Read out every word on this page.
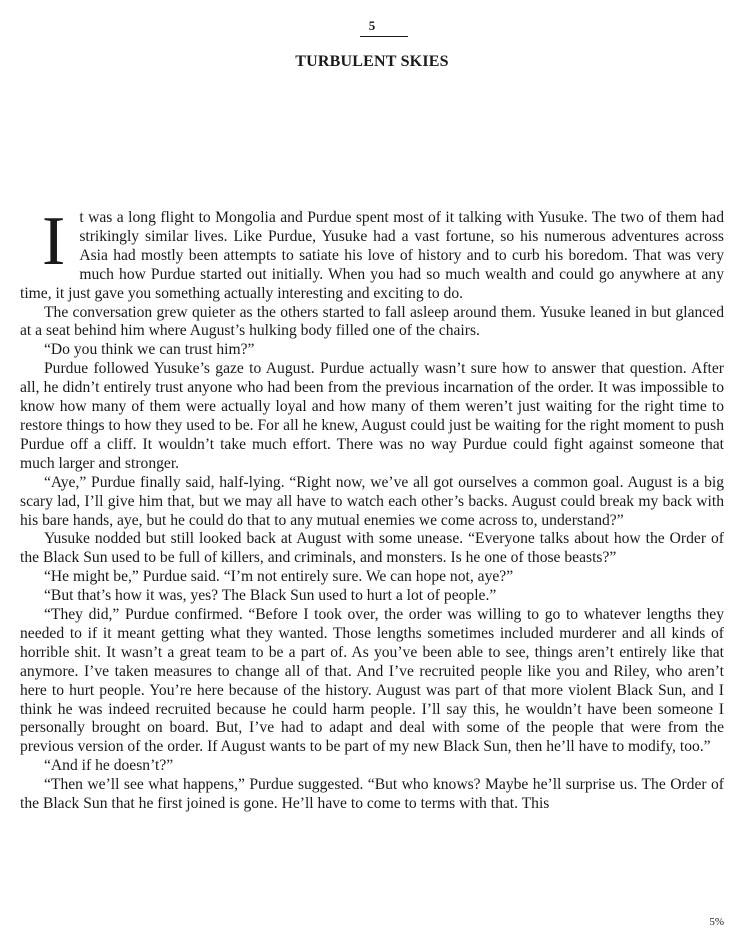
5
TURBULENT SKIES

It was a long flight to Mongolia and Purdue spent most of it talking with Yusuke. The two of them had strikingly similar lives. Like Purdue, Yusuke had a vast fortune, so his numerous adventures across Asia had mostly been attempts to satiate his love of history and to curb his boredom. That was very much how Purdue started out initially. When you had so much wealth and could go anywhere at any time, it just gave you something actually interesting and exciting to do.

The conversation grew quieter as the others started to fall asleep around them. Yusuke leaned in but glanced at a seat behind him where August’s hulking body filled one of the chairs.

“Do you think we can trust him?”

Purdue followed Yusuke’s gaze to August. Purdue actually wasn’t sure how to answer that question. After all, he didn’t entirely trust anyone who had been from the previous incarnation of the order. It was impossible to know how many of them were actually loyal and how many of them weren’t just waiting for the right time to restore things to how they used to be. For all he knew, August could just be waiting for the right moment to push Purdue off a cliff. It wouldn’t take much effort. There was no way Purdue could fight against someone that much larger and stronger.

“Aye,” Purdue finally said, half-lying. “Right now, we’ve all got ourselves a common goal. August is a big scary lad, I’ll give him that, but we may all have to watch each other’s backs. August could break my back with his bare hands, aye, but he could do that to any mutual enemies we come across to, understand?”

Yusuke nodded but still looked back at August with some unease. “Everyone talks about how the Order of the Black Sun used to be full of killers, and criminals, and monsters. Is he one of those beasts?”

“He might be,” Purdue said. “I’m not entirely sure. We can hope not, aye?”

“But that’s how it was, yes? The Black Sun used to hurt a lot of people.”

“They did,” Purdue confirmed. “Before I took over, the order was willing to go to whatever lengths they needed to if it meant getting what they wanted. Those lengths sometimes included murderer and all kinds of horrible shit. It wasn’t a great team to be a part of. As you’ve been able to see, things aren’t entirely like that anymore. I’ve taken measures to change all of that. And I’ve recruited people like you and Riley, who aren’t here to hurt people. You’re here because of the history. August was part of that more violent Black Sun, and I think he was indeed recruited because he could harm people. I’ll say this, he wouldn’t have been someone I personally brought on board. But, I’ve had to adapt and deal with some of the people that were from the previous version of the order. If August wants to be part of my new Black Sun, then he’ll have to modify, too.”

“And if he doesn’t?”

“Then we’ll see what happens,” Purdue suggested. “But who knows? Maybe he’ll surprise us. The Order of the Black Sun that he first joined is gone. He’ll have to come to terms with that. This

5%
